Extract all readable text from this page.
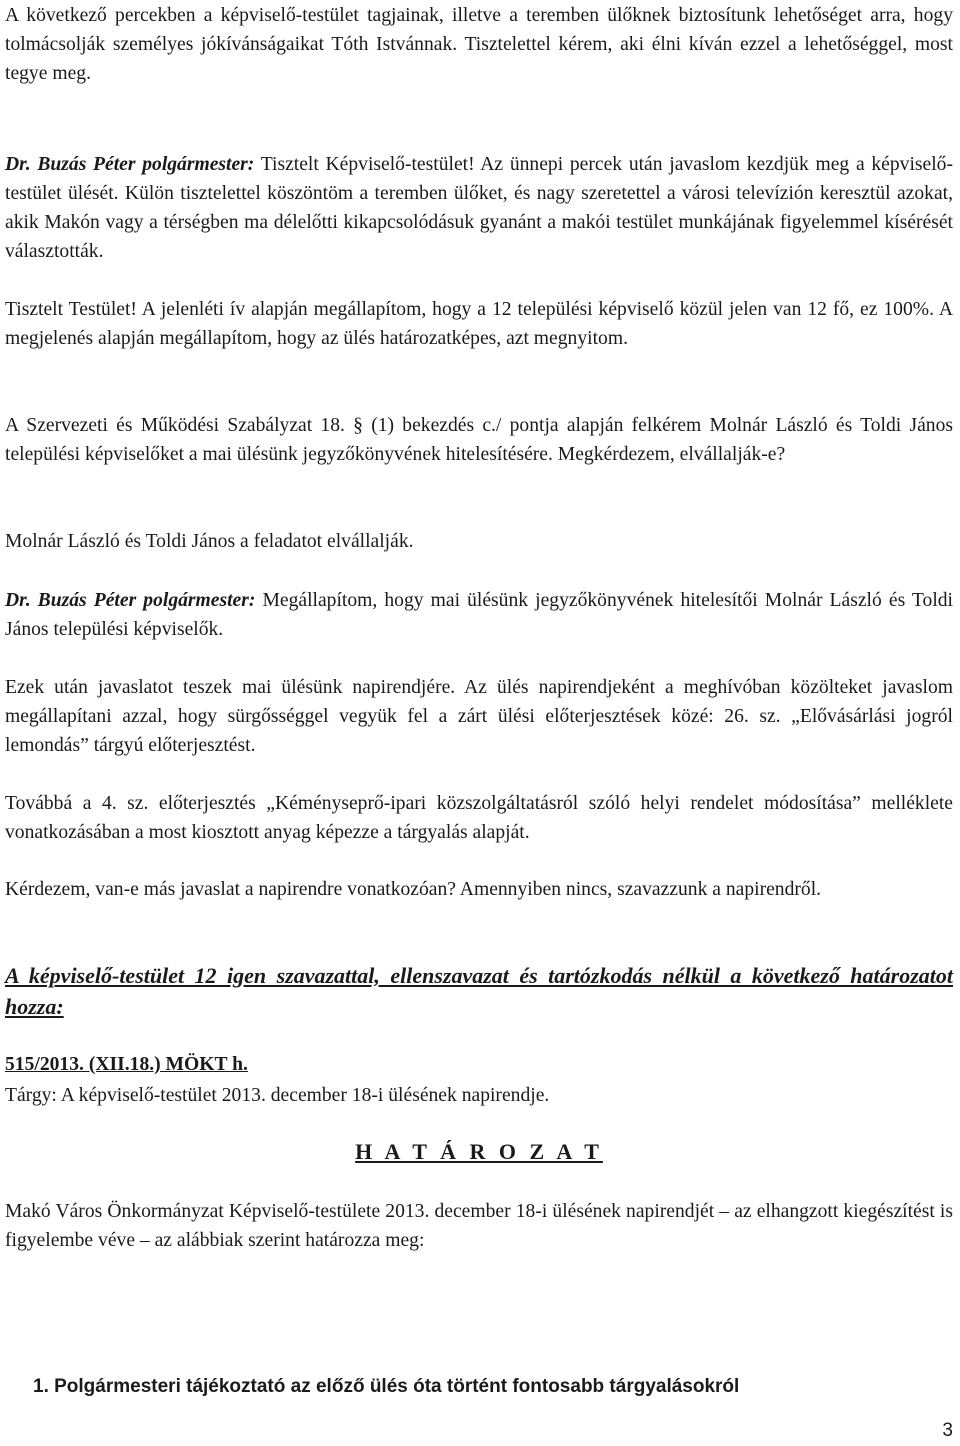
A következő percekben a képviselő-testület tagjainak, illetve a teremben ülőknek biztosítunk lehetőséget arra, hogy tolmácsolják személyes jókívánságaikat Tóth Istvánnak. Tisztelettel kérem, aki élni kíván ezzel a lehetőséggel, most tegye meg.

Dr. Buzás Péter polgármester: Tisztelt Képviselő-testület! Az ünnepi percek után javaslom kezdjük meg a képviselő-testület ülését. Külön tisztelettel köszöntöm a teremben ülőket, és nagy szeretettel a városi televízión keresztül azokat, akik Makón vagy a térségben ma délelőtti kikapcsolódásuk gyanánt a makói testület munkájának figyelemmel kísérését választották.

Tisztelt Testület! A jelenléti ív alapján megállapítom, hogy a 12 települési képviselő közül jelen van 12 fő, ez 100%. A megjelenés alapján megállapítom, hogy az ülés határozatképes, azt megnyitom.

A Szervezeti és Működési Szabályzat 18. § (1) bekezdés c./ pontja alapján felkérem Molnár László és Toldi János települési képviselőket a mai ülésünk jegyzőkönyvének hitelesítésére. Megkérdezem, elvállalják-e?

Molnár László és Toldi János a feladatot elvállalják.

Dr. Buzás Péter polgármester: Megállapítom, hogy mai ülésünk jegyzőkönyvének hitelesítői Molnár László és Toldi János települési képviselők.

Ezek után javaslatot teszek mai ülésünk napirendjére. Az ülés napirendjeként a meghívóban közölteket javaslom megállapítani azzal, hogy sürgősséggel vegyük fel a zárt ülési előterjesztések közé: 26. sz. „Elővásárlási jogról lemondás” tárgyú előterjesztést.

Továbbá a 4. sz. előterjesztés „Kéményseprő-ipari közszolgáltatásról szóló helyi rendelet módosítása” melléklete vonatkozásában a most kiosztott anyag képezze a tárgyalás alapját.

Kérdezem, van-e más javaslat a napirendre vonatkozóan? Amennyiben nincs, szavazzunk a napirendről.

A képviselő-testület 12 igen szavazattal, ellenszavazat és tartózkodás nélkül a következő határozatot hozza:

515/2013. (XII.18.) MÖKT h.

Tárgy: A képviselő-testület 2013. december 18-i ülésének napirendje.

H A T Á R O Z A T

Makó Város Önkormányzat Képviselő-testülete 2013. december 18-i ülésének napirendjét – az elhangzott kiegészítést is figyelembe véve – az alábbiak szerint határozza meg:

1. Polgármesteri tájékoztató az előző ülés óta történt fontosabb tárgyalásokról
3
